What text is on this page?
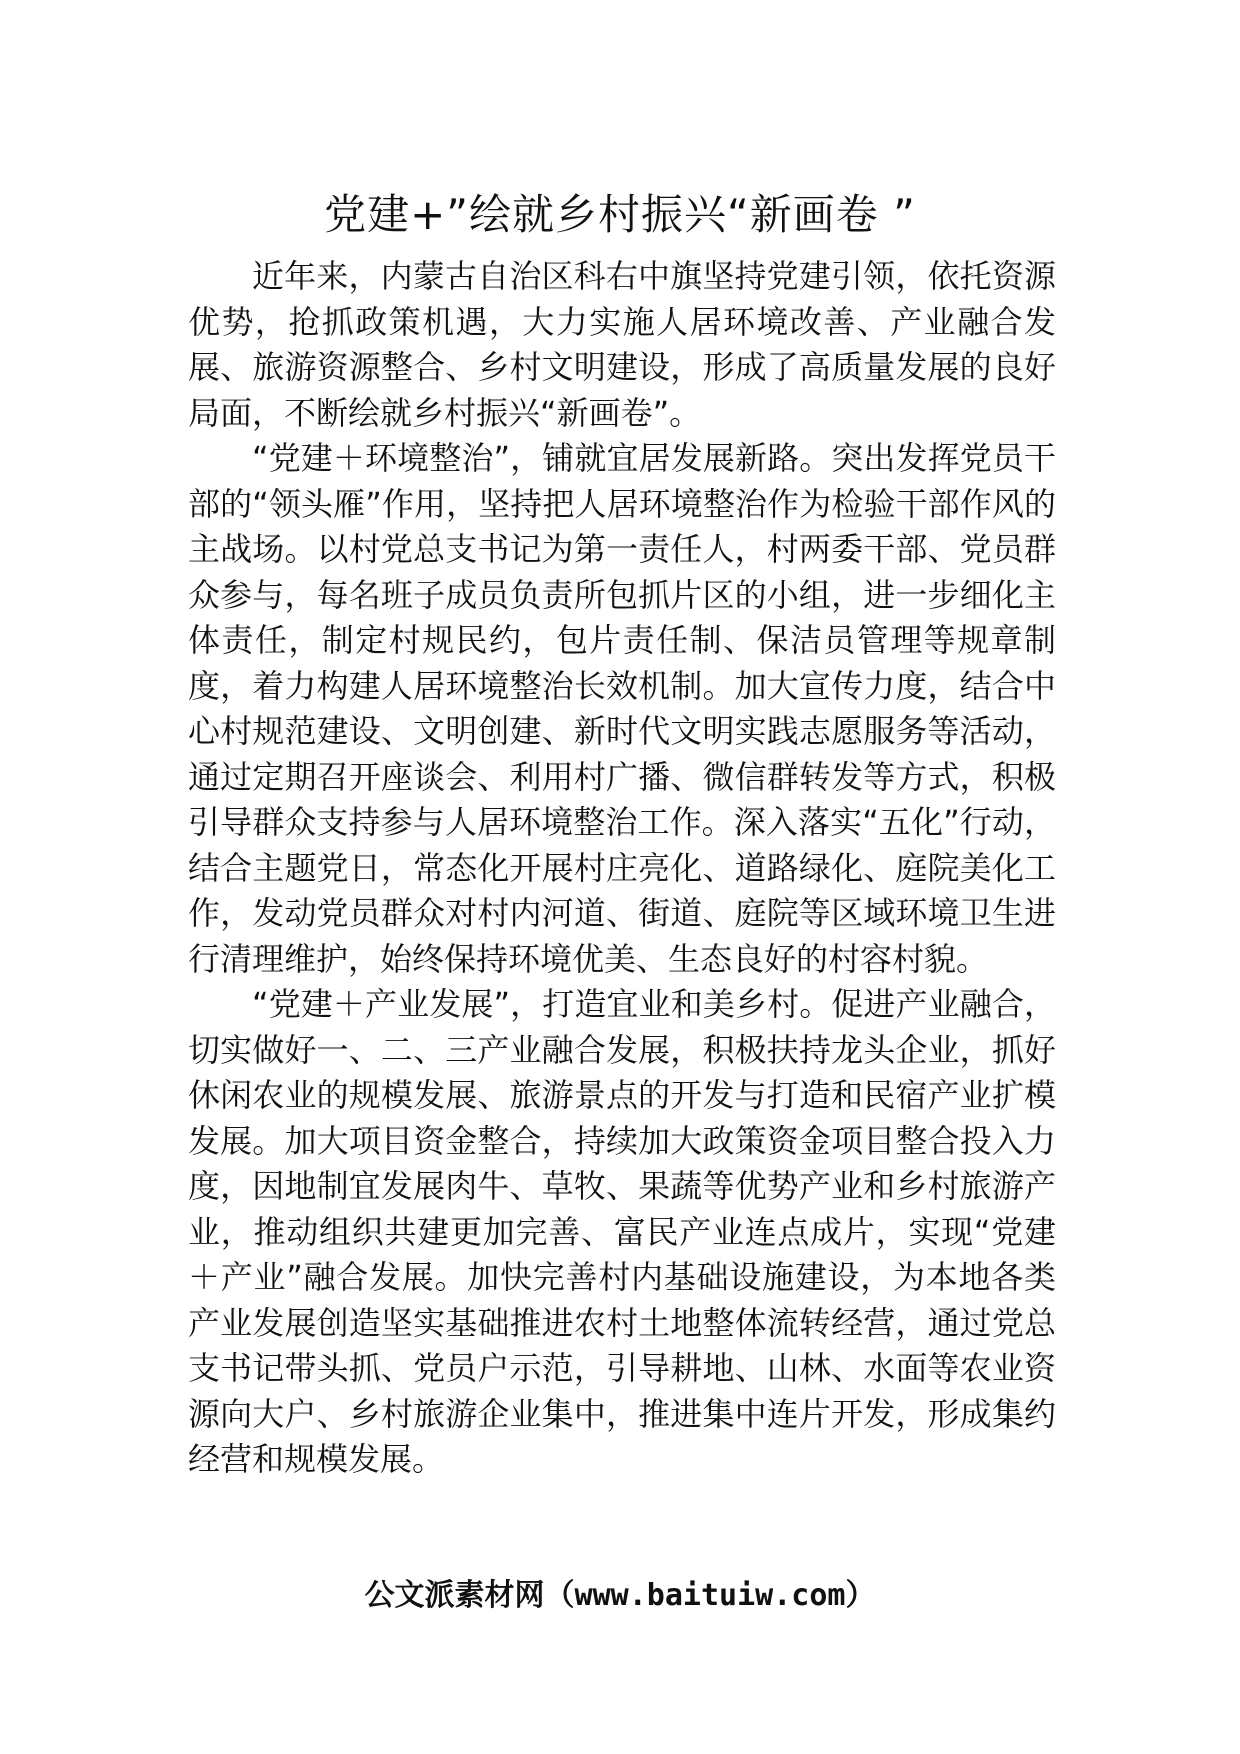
党建+”绘就乡村振兴“新画卷 ”

近年来，内蒙古自治区科右中旗坚持党建引领，依托资源优势，抢抓政策机遇，大力实施人居环境改善、产业融合发展、旅游资源整合、乡村文明建设，形成了高质量发展的良好局面，不断绘就乡村振兴“新画卷”。

“党建＋环境整治”，铺就宜居发展新路。突出发挥党员干部的“领头雁”作用，坚持把人居环境整治作为检验干部作风的主战场。以村党总支书记为第一责任人，村两委干部、党员群众参与，每名班子成员负责所包抓片区的小组，进一步细化主体责任，制定村规民约，包片责任制、保洁员管理等规章制度，着力构建人居环境整治长效机制。加大宣传力度，结合中心村规范建设、文明创建、新时代文明实践志愿服务等活动，通过定期召开座谈会、利用村广播、微信群转发等方式，积极引导群众支持参与人居环境整治工作。深入落实“五化”行动，结合主题党日，常态化开展村庄亮化、道路绿化、庭院美化工作，发动党员群众对村内河道、街道、庭院等区域环境卫生进行清理维护，始终保持环境优美、生态良好的村容村貌。

“党建＋产业发展”，打造宜业和美乡村。促进产业融合，切实做好一、二、三产业融合发展，积极扶持龙头企业，抓好休闲农业的规模发展、旅游景点的开发与打造和民宿产业扩模发展。加大项目资金整合，持续加大政策资金项目整合投入力度，因地制宜发展肉牛、草牧、果蔬等优势产业和乡村旅游产业，推动组织共建更加完善、富民产业连点成片，实现“党建＋产业”融合发展。加快完善村内基础设施建设，为本地各类产业发展创造坚实基础推进农村土地整体流转经营，通过党总支书记带头抓、党员户示范，引导耕地、山林、水面等农业资源向大户、乡村旅游企业集中，推进集中连片开发，形成集约经营和规模发展。

公文派素材网（www.baituiw.com）
